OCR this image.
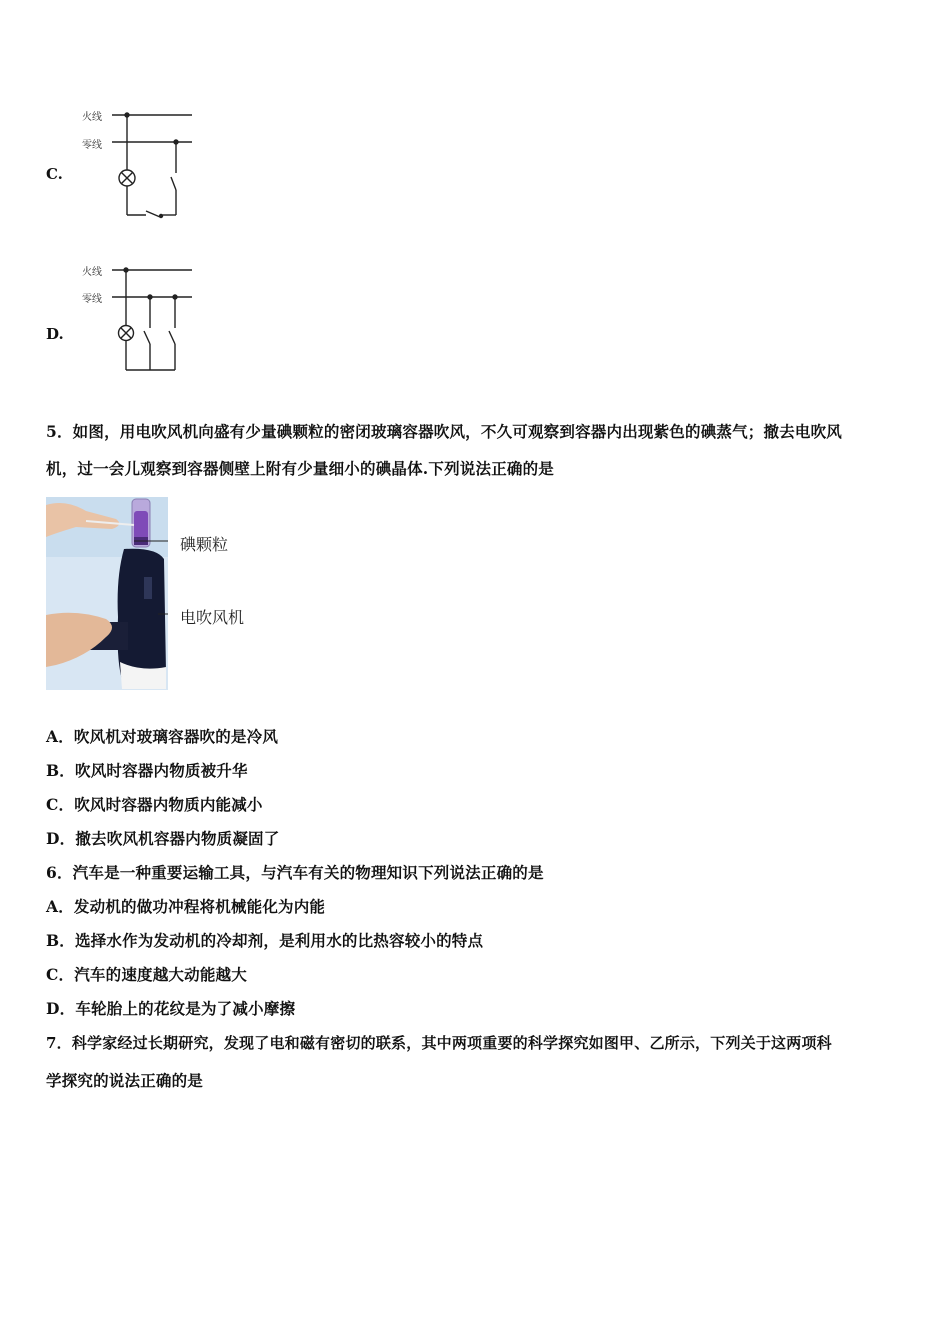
C.
火线
零线
D.
火线
零线
5．如图，用电吹风机向盛有少量碘颗粒的密闭玻璃容器吹风，不久可观察到容器内出现紫色的碘蒸气；撤去电吹风
机，过一会儿观察到容器侧壁上附有少量细小的碘晶体.下列说法正确的是
碘颗粒
电吹风机
A．吹风机对玻璃容器吹的是冷风
B．吹风时容器内物质被升华
C．吹风时容器内物质内能减小
D．撤去吹风机容器内物质凝固了
6．汽车是一种重要运输工具，与汽车有关的物理知识下列说法正确的是
A．发动机的做功冲程将机械能化为内能
B．选择水作为发动机的冷却剂，是利用水的比热容较小的特点
C．汽车的速度越大动能越大
D．车轮胎上的花纹是为了减小摩擦
7．科学家经过长期研究，发现了电和磁有密切的联系，其中两项重要的科学探究如图甲、乙所示，下列关于这两项科
学探究的说法正确的是
